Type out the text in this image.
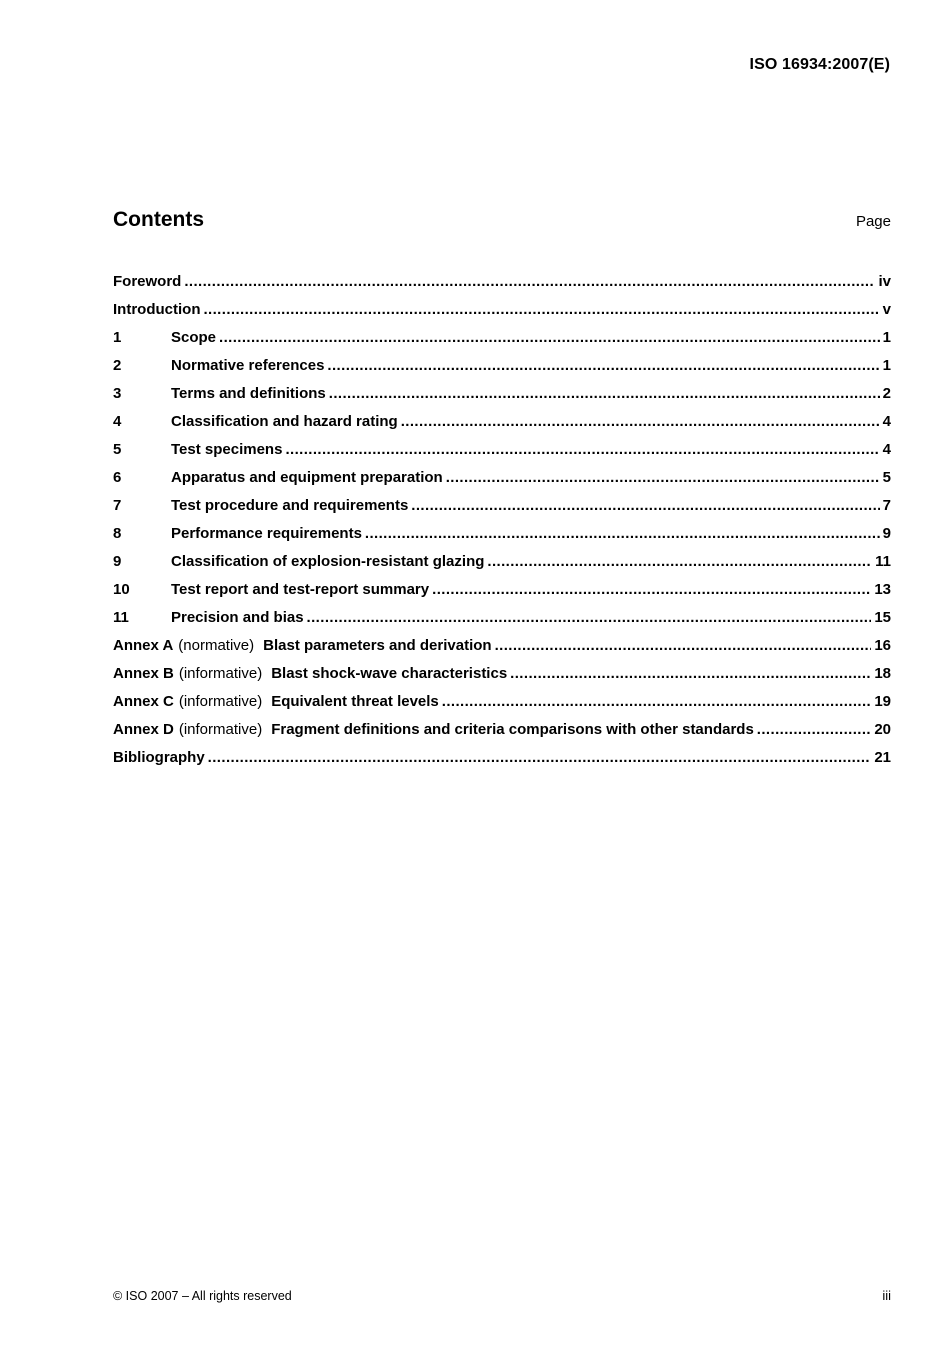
ISO 16934:2007(E)
Contents	Page
Foreword .....	iv
Introduction .....	v
1	Scope .....	1
2	Normative references .....	1
3	Terms and definitions .....	2
4	Classification and hazard rating .....	4
5	Test specimens .....	4
6	Apparatus and equipment preparation .....	5
7	Test procedure and requirements .....	7
8	Performance requirements .....	9
9	Classification of explosion-resistant glazing .....	11
10	Test report and test-report summary .....	13
11	Precision and bias .....	15
Annex A (normative) Blast parameters and derivation .....	16
Annex B (informative) Blast shock-wave characteristics .....	18
Annex C (informative) Equivalent threat levels .....	19
Annex D (informative) Fragment definitions and criteria comparisons with other standards .....	20
Bibliography .....	21
© ISO 2007 – All rights reserved	iii
